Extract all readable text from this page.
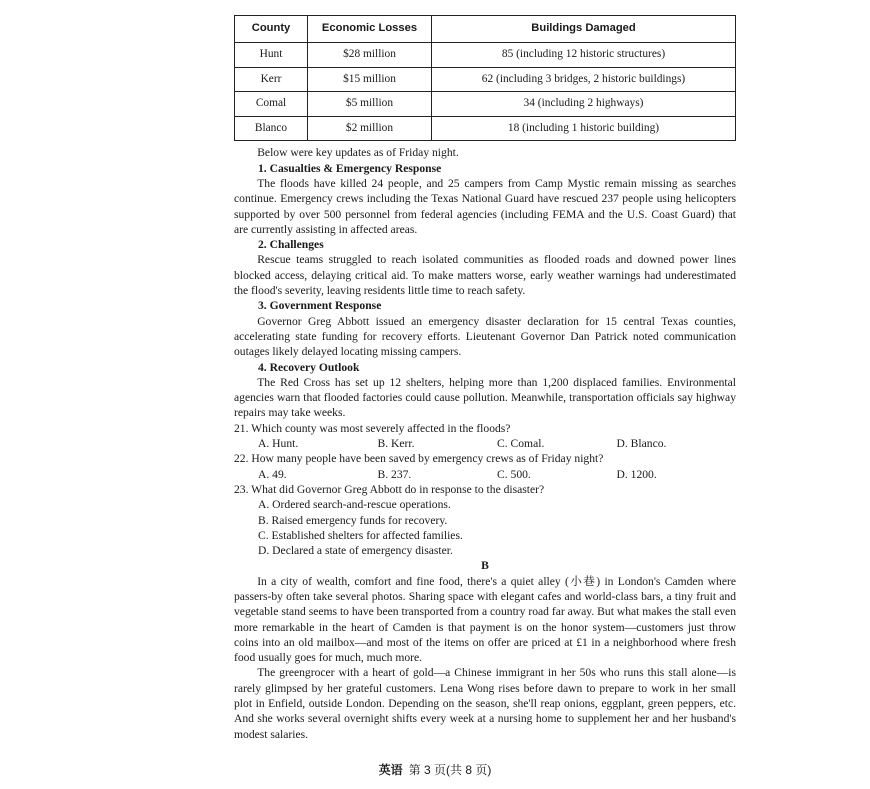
County	Economic Losses	Buildings Damaged
Hunt	$28 million	85 (including 12 historic structures)
Kerr	$15 million	62 (including 3 bridges, 2 historic buildings)
Comal	$5 million	34 (including 2 highways)
Blanco	$2 million	18 (including 1 historic building)

Below were key updates as of Friday night.

1. Casualties & Emergency Response

The floods have killed 24 people, and 25 campers from Camp Mystic remain missing as searches continue. Emergency crews including the Texas National Guard have rescued 237 people using helicopters supported by over 500 personnel from federal agencies (including FEMA and the U.S. Coast Guard) that are currently assisting in affected areas.

2. Challenges

Rescue teams struggled to reach isolated communities as flooded roads and downed power lines blocked access, delaying critical aid. To make matters worse, early weather warnings had underestimated the flood's severity, leaving residents little time to reach safety.

3. Government Response

Governor Greg Abbott issued an emergency disaster declaration for 15 central Texas counties, accelerating state funding for recovery efforts. Lieutenant Governor Dan Patrick noted communication outages likely delayed locating missing campers.

4. Recovery Outlook

The Red Cross has set up 12 shelters, helping more than 1,200 displaced families. Environmental agencies warn that flooded factories could cause pollution. Meanwhile, transportation officials say highway repairs may take weeks.

21. Which county was most severely affected in the floods?

A. Hunt.	B. Kerr.	C. Comal.	D. Blanco.

22. How many people have been saved by emergency crews as of Friday night?

A. 49.	B. 237.	C. 500.	D. 1200.

23. What did Governor Greg Abbott do in response to the disaster?

A. Ordered search-and-rescue operations.

B. Raised emergency funds for recovery.

C. Established shelters for affected families.

D. Declared a state of emergency disaster.

B

In a city of wealth, comfort and fine food, there's a quiet alley (小巷) in London's Camden where passers-by often take several photos. Sharing space with elegant cafes and world-class bars, a tiny fruit and vegetable stand seems to have been transported from a country road far away. But what makes the stall even more remarkable in the heart of Camden is that payment is on the honor system—customers just throw coins into an old mailbox—and most of the items on offer are priced at £1 in a neighborhood where fresh food usually goes for much, much more.

The greengrocer with a heart of gold—a Chinese immigrant in her 50s who runs this stall alone—is rarely glimpsed by her grateful customers. Lena Wong rises before dawn to prepare to work in her small plot in Enfield, outside London. Depending on the season, she'll reap onions, eggplant, green peppers, etc. And she works several overnight shifts every week at a nursing home to supplement her and her husband's modest salaries.

英语 第 3 页(共 8 页)
